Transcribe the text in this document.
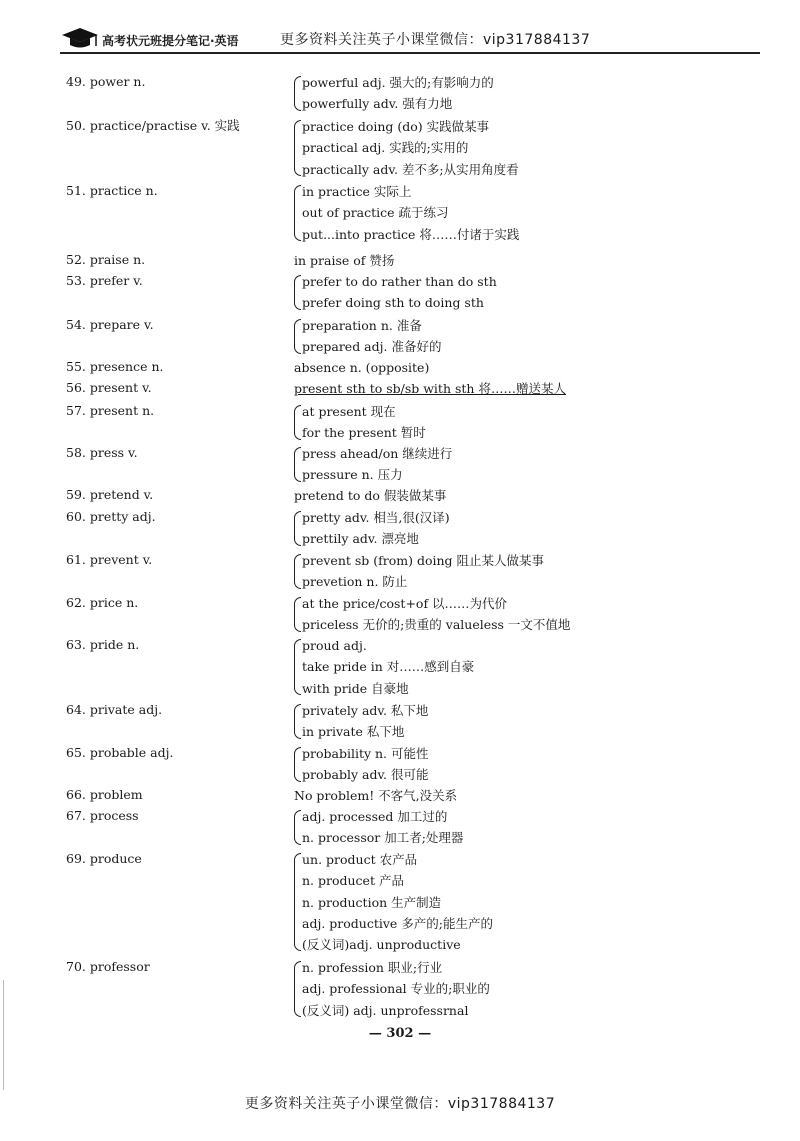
高考状元班提分笔记·英语	更多资料关注英子小课堂微信：vip317884137
49. power n.	powerful adj. 强大的;有影响力的
powerfully adv. 强有力地
50. practice/practise v. 实践	practice doing (do) 实践做某事
practical adj. 实践的;实用的
practically adv. 差不多;从实用角度看
51. practice n.	in practice 实际上
out of practice 疏于练习
put...into practice 将……付诸于实践
52. praise n.	in praise of 赞扬
53. prefer v.	prefer to do rather than do sth
prefer doing sth to doing sth
54. prepare v.	preparation n. 准备
prepared adj. 准备好的
55. presence n.	absence n. (opposite)
56. present v.	present sth to sb/sb with sth 将……赠送某人
57. present n.	at present 现在
for the present 暂时
58. press v.	press ahead/on 继续进行
pressure n. 压力
59. pretend v.	pretend to do 假装做某事
60. pretty adj.	pretty adv. 相当,很(汉译)
prettily adv. 漂亮地
61. prevent v.	prevent sb (from) doing 阻止某人做某事
prevetion n. 防止
62. price n.	at the price/cost+of 以……为代价
priceless 无价的;贵重的 valueless 一文不值地
63. pride n.	proud adj.
take pride in 对……感到自豪
with pride 自豪地
64. private adj.	privately adv. 私下地
in private 私下地
65. probable adj.	probability n. 可能性
probably adv. 很可能
66. problem	No problem! 不客气,没关系
67. process	adj. processed 加工过的
n. processor 加工者;处理器
69. produce	un. product 农产品
n. producet 产品
n. production 生产制造
adj. productive 多产的;能生产的
(反义词)adj. unproductive
70. professor	n. profession 职业;行业
adj. professional 专业的;职业的
(反义词) adj. unprofessrnal
— 302 —
更多资料关注英子小课堂微信：vip317884137
